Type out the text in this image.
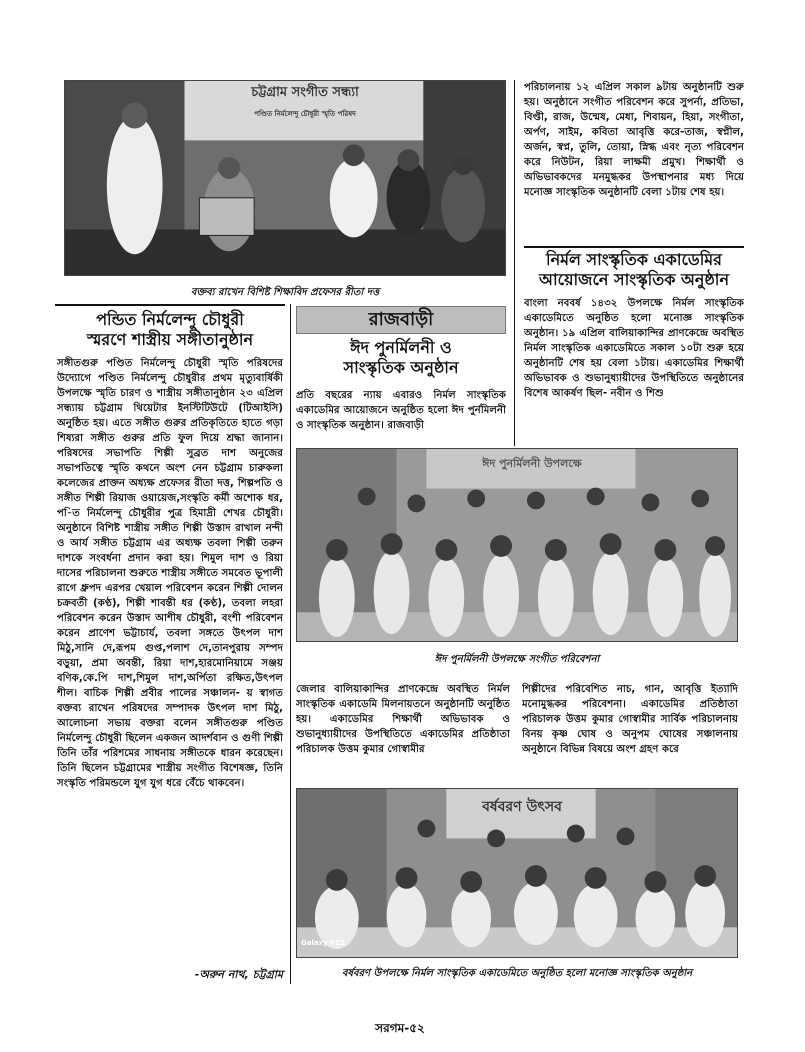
চট্টগ্রাম সংগীত সন্ধ্যা
পণ্ডিত নির্মলেন্দু চৌধুরী স্মৃতি পরিষদ
বক্তব্য রাখেন বিশিষ্ট শিক্ষাবিদ প্রফেসর রীতা দত্ত
পরিচালনায় ১২ এপ্রিল সকাল ৯টায় অনুষ্ঠানটি শুরু হয়। অনুষ্ঠানে সংগীত পরিবেশন করে সুপর্না, প্রতিভা, বিপ্তী, রাজ, উন্মেষ, মেধা, শিবায়ন, হিয়া, সংগীতা, অর্পণ, সাইম, কবিতা আবৃত্তি করে-তাজ, স্বপ্নীল, অর্জন, স্বপ্ন, তুলি, তোয়া, স্নিগ্ধ এবং নৃত্য পরিবেশন করে নিউটন, রিয়া লাক্ষমী প্রমুখ। শিক্ষার্থী ও অভিভাবকদের মনমুগ্ধকর উপস্থাপনার মধ্য দিয়ে মনোজ্ঞ সাংস্কৃতিক অনুষ্ঠানটি বেলা ১টায় শেষ হয়।
নির্মল সাংস্কৃতিক একাডেমির
আয়োজনে সাংস্কৃতিক অনুষ্ঠান
বাংলা নববর্ষ ১৪৩২ উপলক্ষে নির্মল সাংস্কৃতিক একাডেমিতে অনুষ্ঠিত হলো মনোজ্ঞ সাংস্কৃতিক অনুষ্ঠান। ১৯ এপ্রিল বালিয়াকান্দির প্রাণকেন্দ্রে অবস্থিত নির্মল সাংস্কৃতিক একাডেমিতে সকাল ১০টা শুরু হয়ে অনুষ্ঠানটি শেষ হয় বেলা ১টায়। একাডেমির শিক্ষার্থী অভিভাবক ও শুভানুধ্যায়ীদের উপস্থিতিতে অনুষ্ঠানের বিশেষ আকর্ষণ ছিল- নবীন ও শিশু
পন্ডিত নির্মলেন্দু চৌধুরী
স্মরণে শাস্ত্রীয় সঙ্গীতানুষ্ঠান
সঙ্গীতগুরু পণ্ডিত নির্মলেন্দু চৌধুরী স্মৃতি পরিষদের উদ্যোগে পণ্ডিত নির্মলেন্দু চৌধুরীর প্রথম মৃত্যুবার্ষিকী উপলক্ষে স্মৃতি চারণ ও শাস্ত্রীয় সঙ্গীতানুষ্ঠান ২৩ এপ্রিল সন্ধ্যায় চট্টগ্রাম থিয়েটার ইনস্টিটিউটে (টিআইসি) অনুষ্ঠিত হয়। এতে সঙ্গীত গুরুর প্রতিকৃতিতে হাতে গড়া শিষ্যরা সঙ্গীত গুরুর প্রতি ফুল দিয়ে শ্রদ্ধা জানান।পরিষদের সভাপতি শিল্পী সুব্রত দাশ অনুজের সভাপতিত্বে স্মৃতি কথনে অংশ নেন চট্টগ্রাম চারুকলা কলেজের প্রাক্তন অধ্যক্ষ প্রফেসর রীতা দত্ত, শিল্পপতি ও সঙ্গীত শিল্পী রিয়াজ ওয়ায়েজ,সংস্কৃতি কর্মী অশোক ধর, প-িত নির্মলেন্দু চৌধুরীর পুত্র হিমাদ্রী শেখর চৌধুরী। অনুষ্ঠানে বিশিষ্ট শাস্ত্রীয় সঙ্গীত শিল্পী উস্তাদ রাখাল নন্দী ও আর্য সঙ্গীত চট্টগ্রাম এর অধ্যক্ষ তবলা শিল্পী তরুন দাশকে সংবর্ধনা প্রদান করা হয়। শিমুল দাশ ও রিয়া দাসের পরিচালনা শুরুতে শাস্ত্রীয় সঙ্গীতে সমবেত ভূপালী রাগে ধ্রুপদ এরপর খেয়াল পরিবেশন করেন শিল্পী দোলন চক্রবর্তী (কণ্ঠ), শিল্পী শাবন্তী ধর (কণ্ঠ), তবলা লহরা পরিবেশন করেন উস্তাদ আশীষ চৌধুরী, বংশী পরিবেশন করেন প্রাণেশ ভট্টাচার্য, তবলা সঙ্গতে উৎপল দাশ মিঠু,সানি দে,রূপম গুপ্ত,পলাশ দে,তানপুরায় সম্পদ বড়ুয়া, প্রমা অবন্তী, রিয়া দাশ,হারমোনিয়ামে সঞ্জয় বণিক,কে.পি দাশ,শিমুল দাশ,অর্পিতা রক্ষিত,উৎপল শীল। বাচিক শিল্পী প্রবীর পালের সঞ্চালন- য় স্বাগত বক্তব্য রাখেন পরিষদের সম্পাদক উৎপল দাশ মিঠু, আলোচনা সভায় বক্তরা বলেন সঙ্গীতগুরু পণ্ডিত নির্মলেন্দু চৌধুরী ছিলেন একজন আদর্শবান ও গুণী শিল্পী তিনি তাঁর পরিশমের সাধনায় সঙ্গীতকে ধারন করেছেন। তিনি ছিলেন চট্টগ্রামের শাস্ত্রীয় সংগীত বিশেষজ্ঞ, তিনি সংস্কৃতি পরিমন্ডলে যুগ যুগ ধরে বেঁচে থাকবেন।
-অরুন নাথ, চট্টগ্রাম
রাজবাড়ী
ঈদ পুনর্মিলনী ও
সাংস্কৃতিক অনুষ্ঠান
প্রতি বছরের ন্যায় এবারও নির্মল সাংস্কৃতিক একাডেমির আয়োজনে অনুষ্ঠিত হলো ঈদ পুর্নমিলনী ও সাংস্কৃতিক অনুষ্ঠান। রাজবাড়ী
ঈদ পুনর্মিলনী উপলক্ষে
ঈদ পুনর্মিলনী উপলক্ষে সংগীত পরিবেশনা
জেলার বালিয়াকান্দির প্রাণকেন্দ্রে অবস্থিত নির্মল সাংস্কৃতিক একাডেমি মিলনায়তনে অনুষ্ঠানটি অনুষ্ঠিত হয়। একাডেমির শিক্ষার্থী অভিভাবক ও শুভানুধ্যায়ীদের উপস্থিতিতে একাডেমির প্রতিষ্ঠাতা পরিচালক উত্তম কুমার গোস্বামীর
শিল্পীদের পরিবেশিত নাচ, গান, আবৃত্তি ইত্যাদি মনোমুগ্ধকর পরিবেশনা। একাডেমির প্রতিষ্ঠাতা পরিচালক উত্তম কুমার গোস্বামীর সার্বিক পরিচালনায় বিনয় কৃষ্ণ ঘোষ ও অনুপম ঘোষের সঞ্চালনায় অনুষ্ঠানে বিভিন্ন বিষয়ে অংশ গ্রহণ করে
বর্ষবরণ উৎসব
Galaxy F22
বর্ষবরণ উপলক্ষে নির্মল সাংস্কৃতিক একাডেমিতে অনুষ্ঠিত হলো মনোজ্ঞ সাংস্কৃতিক অনুষ্ঠান
সরগম-৫২
